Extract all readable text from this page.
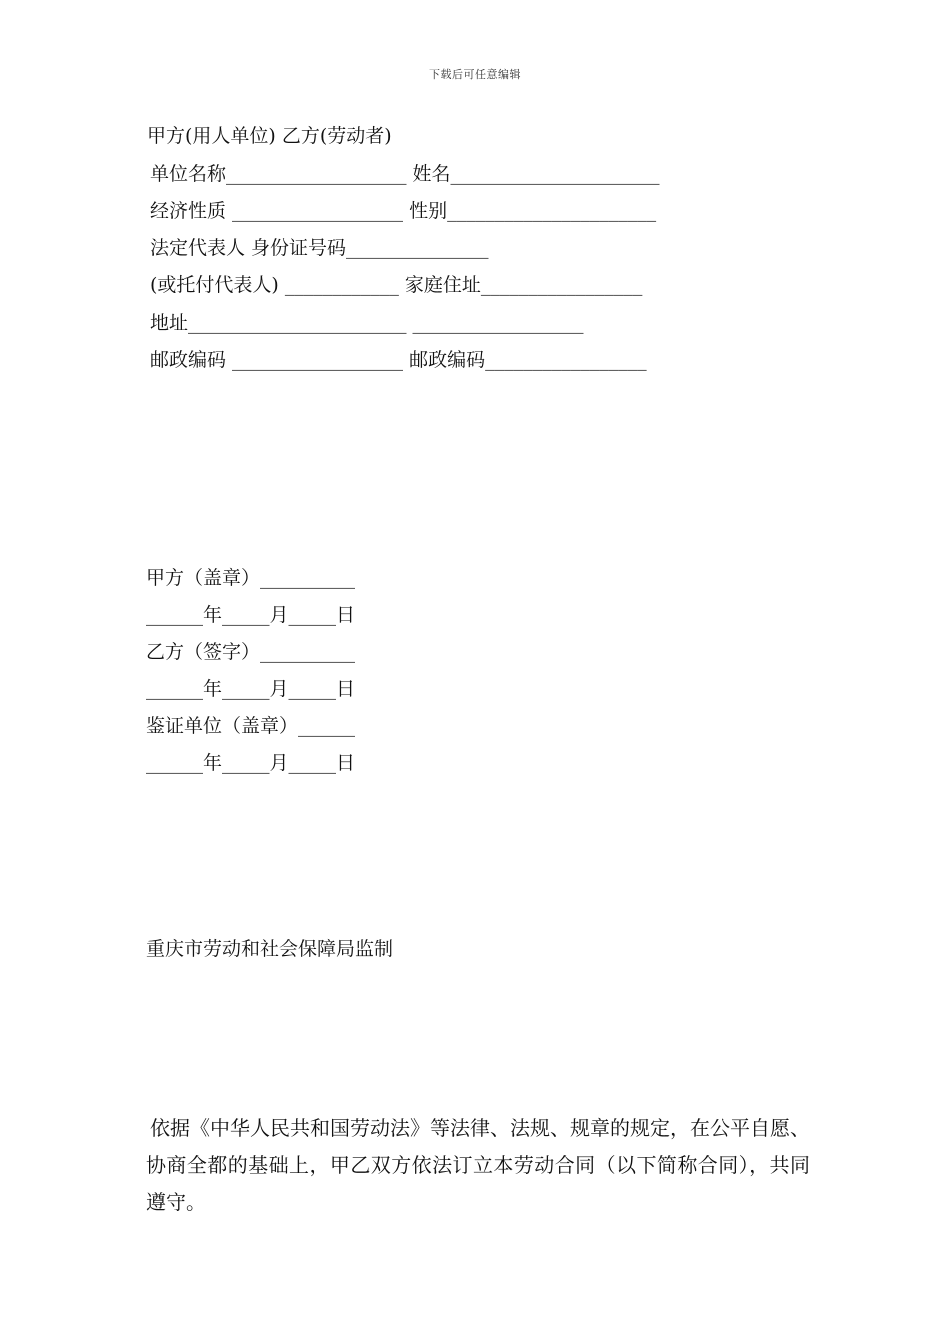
下载后可任意编辑
甲方(用人单位) 乙方(劳动者)
单位名称___________________ 姓名______________________
经济性质 __________________ 性别______________________
法定代表人 身份证号码_______________
(或托付代表人) ____________ 家庭住址_________________
地址_______________________ __________________
邮政编码 __________________ 邮政编码_________________
甲方（盖章）__________
______年_____月_____日
乙方（签字）__________
______年_____月_____日
鉴证单位（盖章）______
______年_____月_____日
重庆市劳动和社会保障局监制
依据《中华人民共和国劳动法》等法律、法规、规章的规定，在公平自愿、协商全都的基础上，甲乙双方依法订立本劳动合同（以下简称合同），共同遵守。
